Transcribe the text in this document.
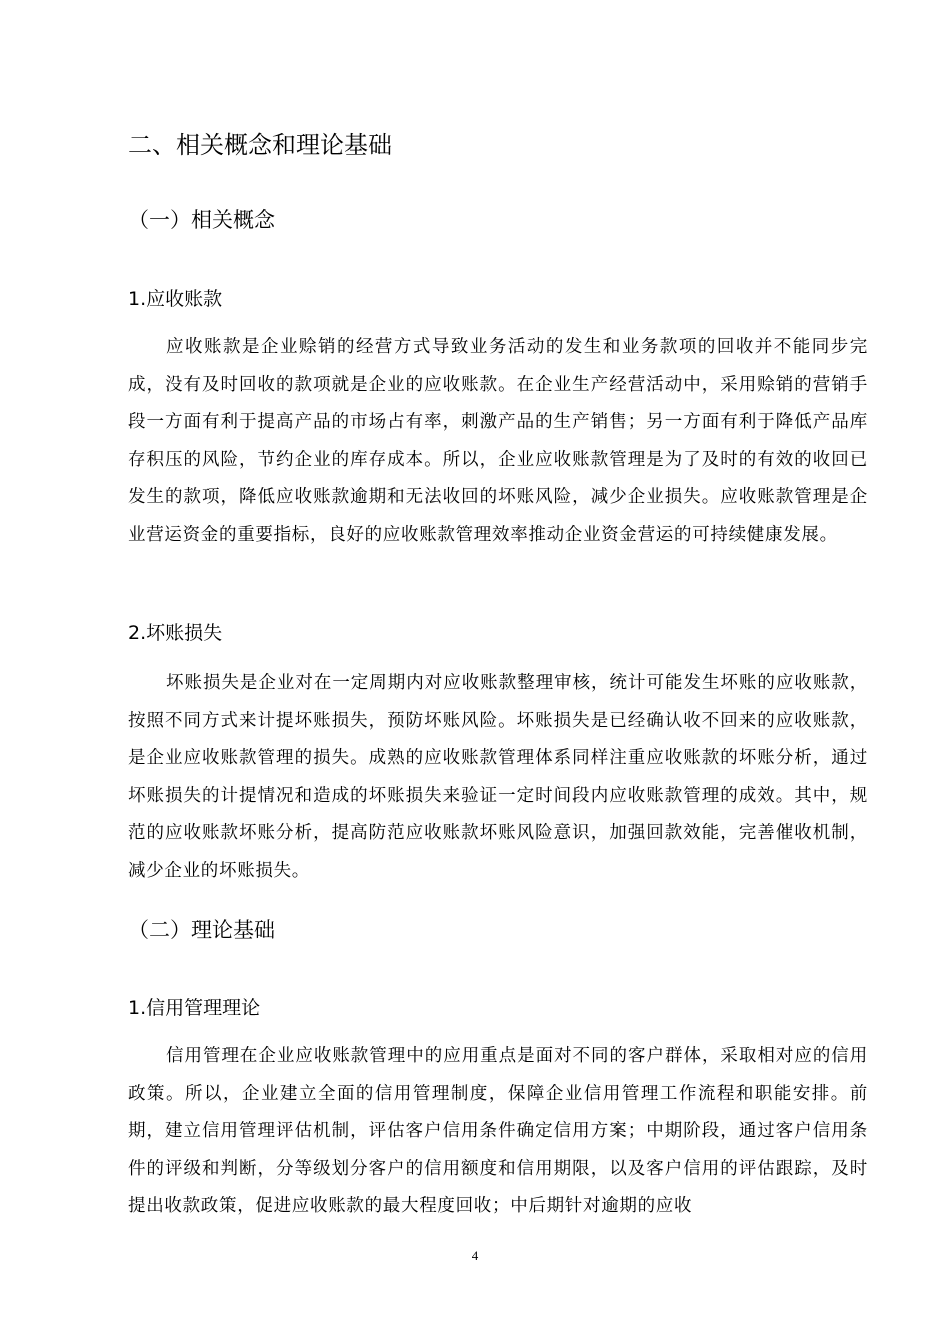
二、相关概念和理论基础
（一）相关概念
1.应收账款

应收账款是企业赊销的经营方式导致业务活动的发生和业务款项的回收并不能同步完成，没有及时回收的款项就是企业的应收账款。在企业生产经营活动中，采用赊销的营销手段一方面有利于提高产品的市场占有率，刺激产品的生产销售；另一方面有利于降低产品库存积压的风险，节约企业的库存成本。所以，企业应收账款管理是为了及时的有效的收回已发生的款项，降低应收账款逾期和无法收回的坏账风险，减少企业损失。应收账款管理是企业营运资金的重要指标，良好的应收账款管理效率推动企业资金营运的可持续健康发展。

2.坏账损失

坏账损失是企业对在一定周期内对应收账款整理审核，统计可能发生坏账的应收账款，按照不同方式来计提坏账损失，预防坏账风险。坏账损失是已经确认收不回来的应收账款，是企业应收账款管理的损失。成熟的应收账款管理体系同样注重应收账款的坏账分析，通过坏账损失的计提情况和造成的坏账损失来验证一定时间段内应收账款管理的成效。其中，规范的应收账款坏账分析，提高防范应收账款坏账风险意识，加强回款效能，完善催收机制，减少企业的坏账损失。

（二）理论基础
1.信用管理理论

信用管理在企业应收账款管理中的应用重点是面对不同的客户群体，采取相对应的信用政策。所以，企业建立全面的信用管理制度，保障企业信用管理工作流程和职能安排。前期，建立信用管理评估机制，评估客户信用条件确定信用方案；中期阶段，通过客户信用条件的评级和判断，分等级划分客户的信用额度和信用期限，以及客户信用的评估跟踪，及时提出收款政策，促进应收账款的最大程度回收；中后期针对逾期的应收

4
